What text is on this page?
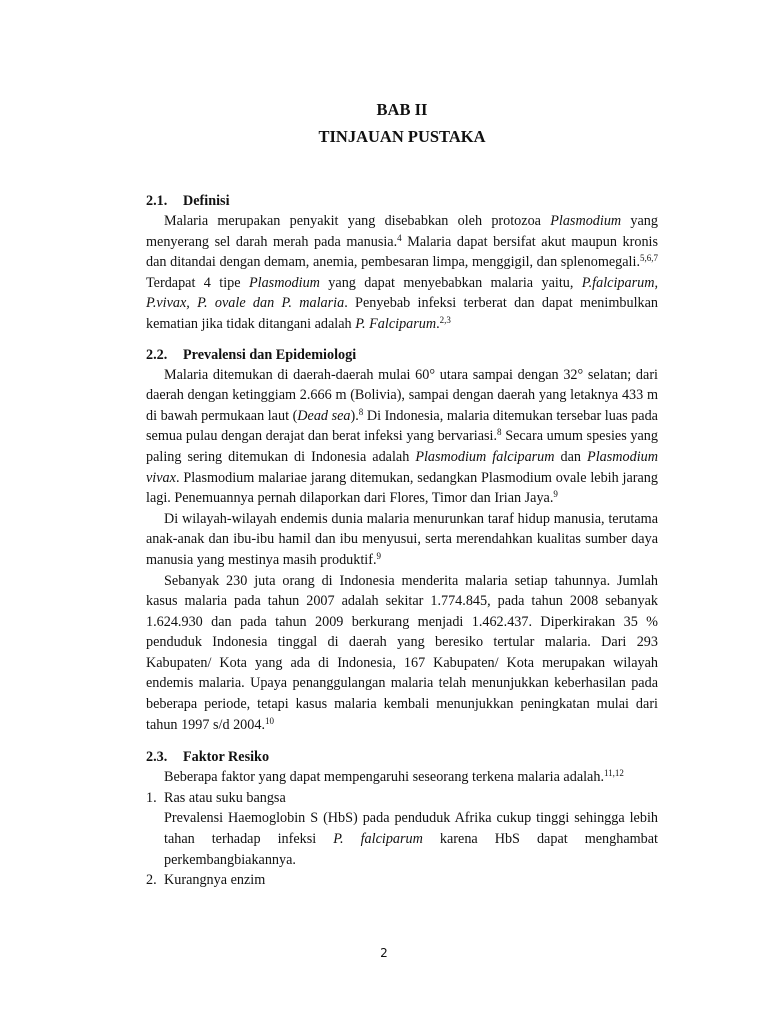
BAB II
TINJAUAN PUSTAKA
2.1. Definisi

Malaria merupakan penyakit yang disebabkan oleh protozoa Plasmodium yang menyerang sel darah merah pada manusia.$^4$ Malaria dapat bersifat akut maupun kronis dan ditandai dengan demam, anemia, pembesaran limpa, menggigil, dan splenomegali.$^{5,6,7}$ Terdapat 4 tipe Plasmodium yang dapat menyebabkan malaria yaitu, P.falciparum, P.vivax, P. ovale dan P. malaria. Penyebab infeksi terberat dan dapat menimbulkan kematian jika tidak ditangani adalah P. Falciparum.$^{2,3}$

2.2. Prevalensi dan Epidemiologi

Malaria ditemukan di daerah-daerah mulai 60° utara sampai dengan 32° selatan; dari daerah dengan ketinggiam 2.666 m (Bolivia), sampai dengan daerah yang letaknya 433 m di bawah permukaan laut (Dead sea).$^8$ Di Indonesia, malaria ditemukan tersebar luas pada semua pulau dengan derajat dan berat infeksi yang bervariasi.$^8$ Secara umum spesies yang paling sering ditemukan di Indonesia adalah Plasmodium falciparum dan Plasmodium vivax. Plasmodium malariae jarang ditemukan, sedangkan Plasmodium ovale lebih jarang lagi. Penemuannya pernah dilaporkan dari Flores, Timor dan Irian Jaya.$^9$

Di wilayah-wilayah endemis dunia malaria menurunkan taraf hidup manusia, terutama anak-anak dan ibu-ibu hamil dan ibu menyusui, serta merendahkan kualitas sumber daya manusia yang mestinya masih produktif.$^9$

Sebanyak 230 juta orang di Indonesia menderita malaria setiap tahunnya. Jumlah kasus malaria pada tahun 2007 adalah sekitar 1.774.845, pada tahun 2008 sebanyak 1.624.930 dan pada tahun 2009 berkurang menjadi 1.462.437. Diperkirakan 35 % penduduk Indonesia tinggal di daerah yang beresiko tertular malaria. Dari 293 Kabupaten/ Kota yang ada di Indonesia, 167 Kabupaten/ Kota merupakan wilayah endemis malaria. Upaya penanggulangan malaria telah menunjukkan keberhasilan pada beberapa periode, tetapi kasus malaria kembali menunjukkan peningkatan mulai dari tahun 1997 s/d 2004.10

2.3. Faktor Resiko

Beberapa faktor yang dapat mempengaruhi seseorang terkena malaria adalah.$^{11,12}$

1. Ras atau suku bangsa

Prevalensi Haemoglobin S (HbS) pada penduduk Afrika cukup tinggi sehingga lebih tahan terhadap infeksi P. falciparum karena HbS dapat menghambat perkembangbiakannya.

2. Kurangnya enzim
2
